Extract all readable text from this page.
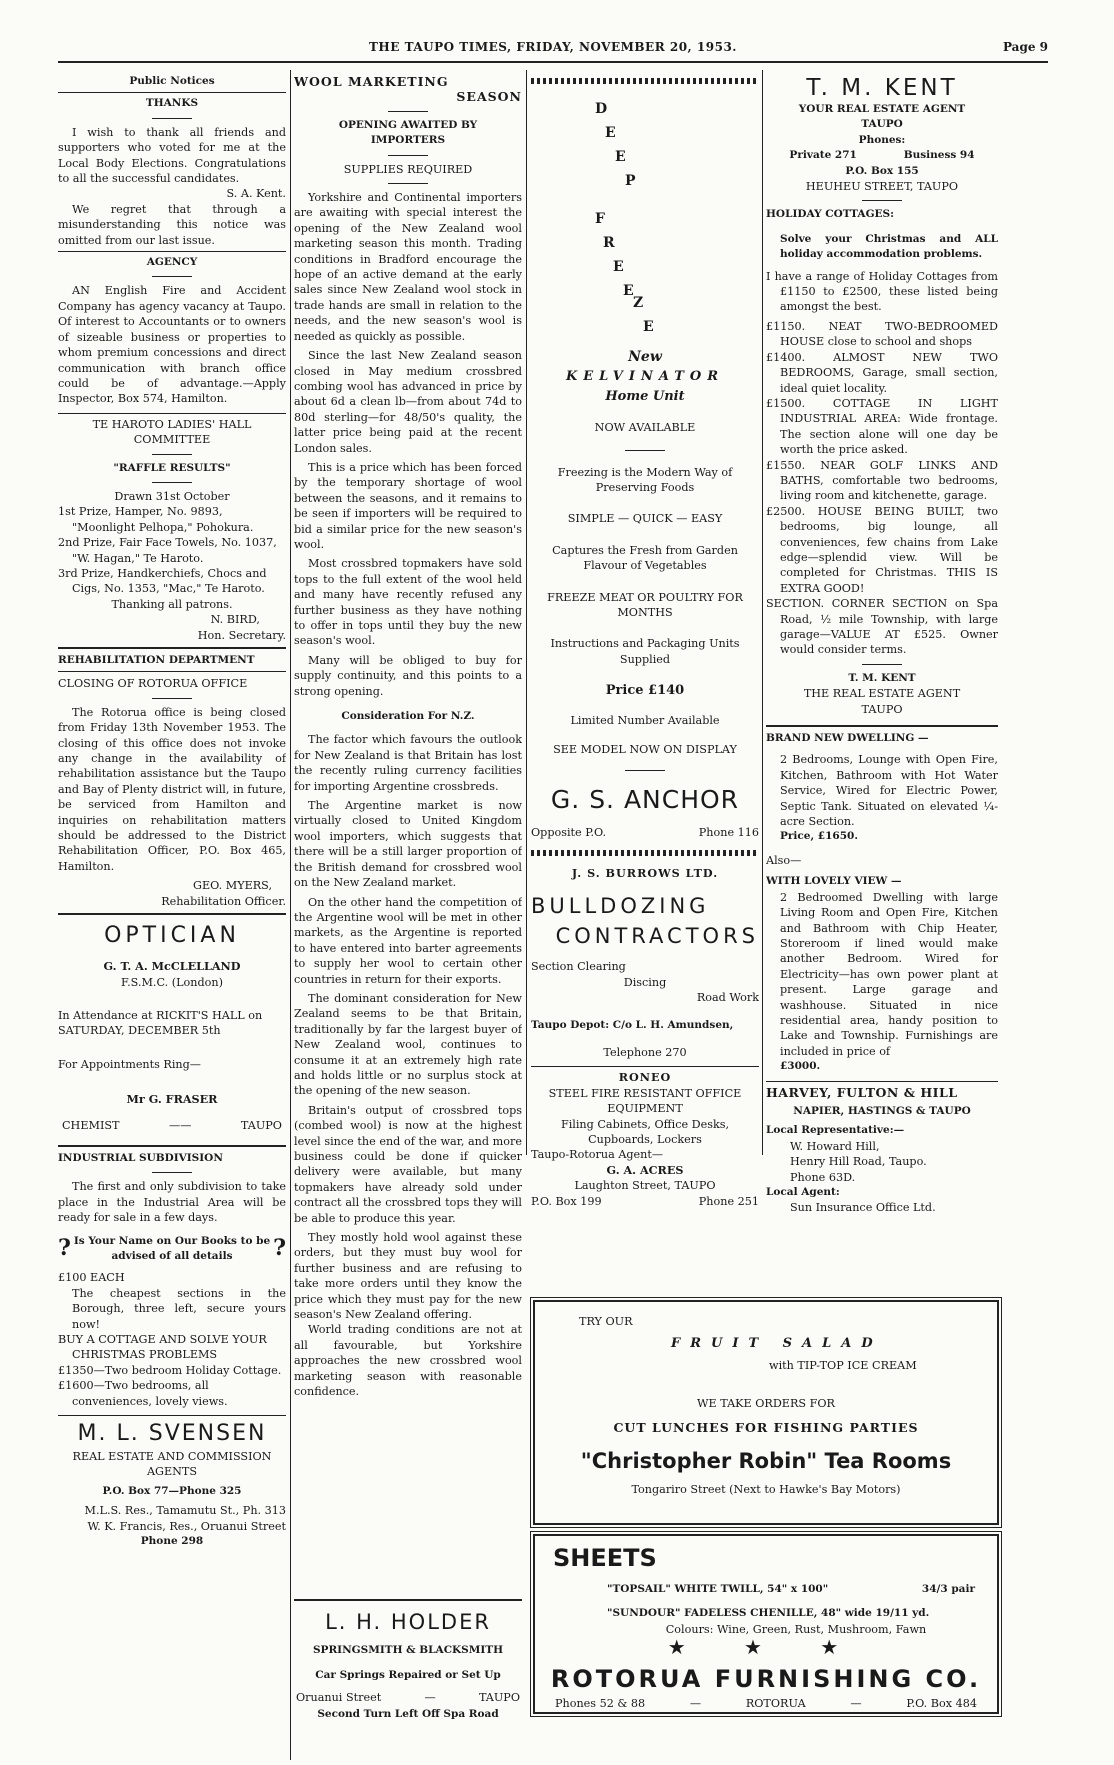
THE TAUPO TIMES, FRIDAY, NOVEMBER 20, 1953.	Page 9
Public Notices
THANKS
I wish to thank all friends and supporters who voted for me at the Local Body Elections. Congratulations to all the successful candidates.
S. A. Kent.
We regret that through a misunderstanding this notice was omitted from our last issue.
AGENCY
AN English Fire and Accident Company has agency vacancy at Taupo. Of interest to Accountants or to owners of sizeable business or properties to whom premium concessions and direct communication with branch office could be of advantage.—Apply Inspector, Box 574, Hamilton.
TE HAROTO LADIES' HALL COMMITTEE
"RAFFLE RESULTS"
Drawn 31st October
1st Prize, Hamper, No. 9893, "Moonlight Pelhopa," Pohokura.
2nd Prize, Fair Face Towels, No. 1037, "W. Hagan," Te Haroto.
3rd Prize, Handkerchiefs, Chocs and Cigs, No. 1353, "Mac," Te Haroto.
Thanking all patrons.
N. BIRD,
Hon. Secretary.
REHABILITATION DEPARTMENT
CLOSING OF ROTORUA OFFICE
The Rotorua office is being closed from Friday 13th November 1953. The closing of this office does not invoke any change in the availability of rehabilitation assistance but the Taupo and Bay of Plenty district will, in future, be serviced from Hamilton and inquiries on rehabilitation matters should be addressed to the District Rehabilitation Officer, P.O. Box 465, Hamilton.
GEO. MYERS,
Rehabilitation Officer.
OPTICIAN
G. T. A. McCLELLAND
F.S.M.C. (London)
In Attendance at RICKIT'S HALL on SATURDAY, DECEMBER 5th
For Appointments Ring—
Mr G. FRASER
CHEMIST	——	TAUPO
INDUSTRIAL SUBDIVISION
The first and only subdivision to take place in the Industrial Area will be ready for sale in a few days.
? Is Your Name on Our Books to be advised of all details	?
£100 EACH
The cheapest sections in the Borough, three left, secure yours now!
BUY A COTTAGE AND SOLVE YOUR CHRISTMAS PROBLEMS
£1350—Two bedroom Holiday Cottage.
£1600—Two bedrooms, all conveniences, lovely views.
M. L. SVENSEN
REAL ESTATE AND COMMISSION AGENTS
P.O. Box 77—Phone 325
M.L.S. Res., Tamamutu St., Ph. 313
W. K. Francis, Res., Oruanui Street
Phone 298
WOOL MARKETING
SEASON
OPENING AWAITED BY IMPORTERS
SUPPLIES REQUIRED
Yorkshire and Continental importers are awaiting with special interest the opening of the New Zealand wool marketing season this month. Trading conditions in Bradford encourage the hope of an active demand at the early sales since New Zealand wool stock in trade hands are small in relation to the needs, and the new season's wool is needed as quickly as possible.
Since the last New Zealand season closed in May medium crossbred combing wool has advanced in price by about 6d a clean lb—from about 74d to 80d sterling—for 48/50's quality, the latter price being paid at the recent London sales.
This is a price which has been forced by the temporary shortage of wool between the seasons, and it remains to be seen if importers will be required to bid a similar price for the new season's wool.
Most crossbred topmakers have sold tops to the full extent of the wool held and many have recently refused any further business as they have nothing to offer in tops until they buy the new season's wool.
Many will be obliged to buy for supply continuity, and this points to a strong opening.
Consideration For N.Z.
The factor which favours the outlook for New Zealand is that Britain has lost the recently ruling currency facilities for importing Argentine crossbreds.
The Argentine market is now virtually closed to United Kingdom wool importers, which suggests that there will be a still larger proportion of the British demand for crossbred wool on the New Zealand market.
On the other hand the competition of the Argentine wool will be met in other markets, as the Argentine is reported to have entered into barter agreements to supply her wool to certain other countries in return for their exports.
The dominant consideration for New Zealand seems to be that Britain, traditionally by far the largest buyer of New Zealand wool, continues to consume it at an extremely high rate and holds little or no surplus stock at the opening of the new season.
Britain's output of crossbred tops (combed wool) is now at the highest level since the end of the war, and more business could be done if quicker delivery were available, but many topmakers have already sold under contract all the crossbred tops they will be able to produce this year.
They mostly hold wool against these orders, but they must buy wool for further business and are refusing to take more orders until they know the price which they must pay for the new season's New Zealand offering.
World trading conditions are not at all favourable, but Yorkshire approaches the new crossbred wool marketing season with reasonable confidence.
L. H. HOLDER
SPRINGSMITH & BLACKSMITH
Car Springs Repaired or Set Up
Oruanui Street	—	TAUPO
Second Turn Left Off Spa Road
D
E
E
P
F
R
E
E
Z
E
New
KELVINATOR
Home Unit
NOW AVAILABLE
Freezing is the Modern Way of Preserving Foods
SIMPLE — QUICK — EASY
Captures the Fresh from Garden Flavour of Vegetables
FREEZE MEAT OR POULTRY FOR MONTHS
Instructions and Packaging Units Supplied
Price £140
Limited Number Available
SEE MODEL NOW ON DISPLAY
G. S. ANCHOR
Opposite P.O.	Phone 116
J. S. BURROWS LTD.
BULLDOZING
CONTRACTORS
Section Clearing
Discing
Road Work
Taupo Depot: C/o L. H. Amundsen,
Telephone 270
RONEO
STEEL FIRE RESISTANT OFFICE EQUIPMENT
Filing Cabinets, Office Desks, Cupboards, Lockers
Taupo-Rotorua Agent—
G. A. ACRES
Laughton Street, TAUPO
P.O. Box 199	Phone 251
T. M. KENT
YOUR REAL ESTATE AGENT
TAUPO
Phones:
Private 271	Business 94
P.O. Box 155
HEUHEU STREET, TAUPO
HOLIDAY COTTAGES:
Solve your Christmas and ALL holiday accommodation problems.
I have a range of Holiday Cottages from £1150 to £2500, these listed being amongst the best.
£1150. NEAT TWO-BEDROOMED HOUSE close to school and shops
£1400. ALMOST NEW TWO BEDROOMS, Garage, small section, ideal quiet locality.
£1500. COTTAGE IN LIGHT INDUSTRIAL AREA: Wide frontage. The section alone will one day be worth the price asked.
£1550. NEAR GOLF LINKS AND BATHS, comfortable two bedrooms, living room and kitchenette, garage.
£2500. HOUSE BEING BUILT, two bedrooms, big lounge, all conveniences, few chains from Lake edge—splendid view. Will be completed for Christmas. THIS IS EXTRA GOOD!
SECTION. CORNER SECTION on Spa Road, ½ mile Township, with large garage—VALUE AT £525. Owner would consider terms.
T. M. KENT
THE REAL ESTATE AGENT
TAUPO
BRAND NEW DWELLING —
2 Bedrooms, Lounge with Open Fire, Kitchen, Bathroom with Hot Water Service, Wired for Electric Power, Septic Tank. Situated on elevated ¼-acre Section.
Price, £1650.
Also—
WITH LOVELY VIEW —
2 Bedroomed Dwelling with large Living Room and Open Fire, Kitchen and Bathroom with Chip Heater, Storeroom if lined would make another Bedroom. Wired for Electricity—has own power plant at present. Large garage and washhouse. Situated in nice residential area, handy position to Lake and Township. Furnishings are included in price of
£3000.
HARVEY, FULTON & HILL
NAPIER, HASTINGS & TAUPO
Local Representative:—
W. Howard Hill,
Henry Hill Road, Taupo.
Phone 63D.
Local Agent:
Sun Insurance Office Ltd.
TRY OUR
FRUIT SALAD
with TIP-TOP ICE CREAM
WE TAKE ORDERS FOR
CUT LUNCHES FOR FISHING PARTIES
"Christopher Robin" Tea Rooms
Tongariro Street (Next to Hawke's Bay Motors)
SHEETS
"TOPSAIL" WHITE TWILL, 54" x 100"	34/3 pair
"SUNDOUR" FADELESS CHENILLE, 48" wide 19/11 yd.
Colours: Wine, Green, Rust, Mushroom, Fawn
★ ★ ★
ROTORUA FURNISHING CO.
Phones 52 & 88	—	ROTORUA	—	P.O. Box 484
